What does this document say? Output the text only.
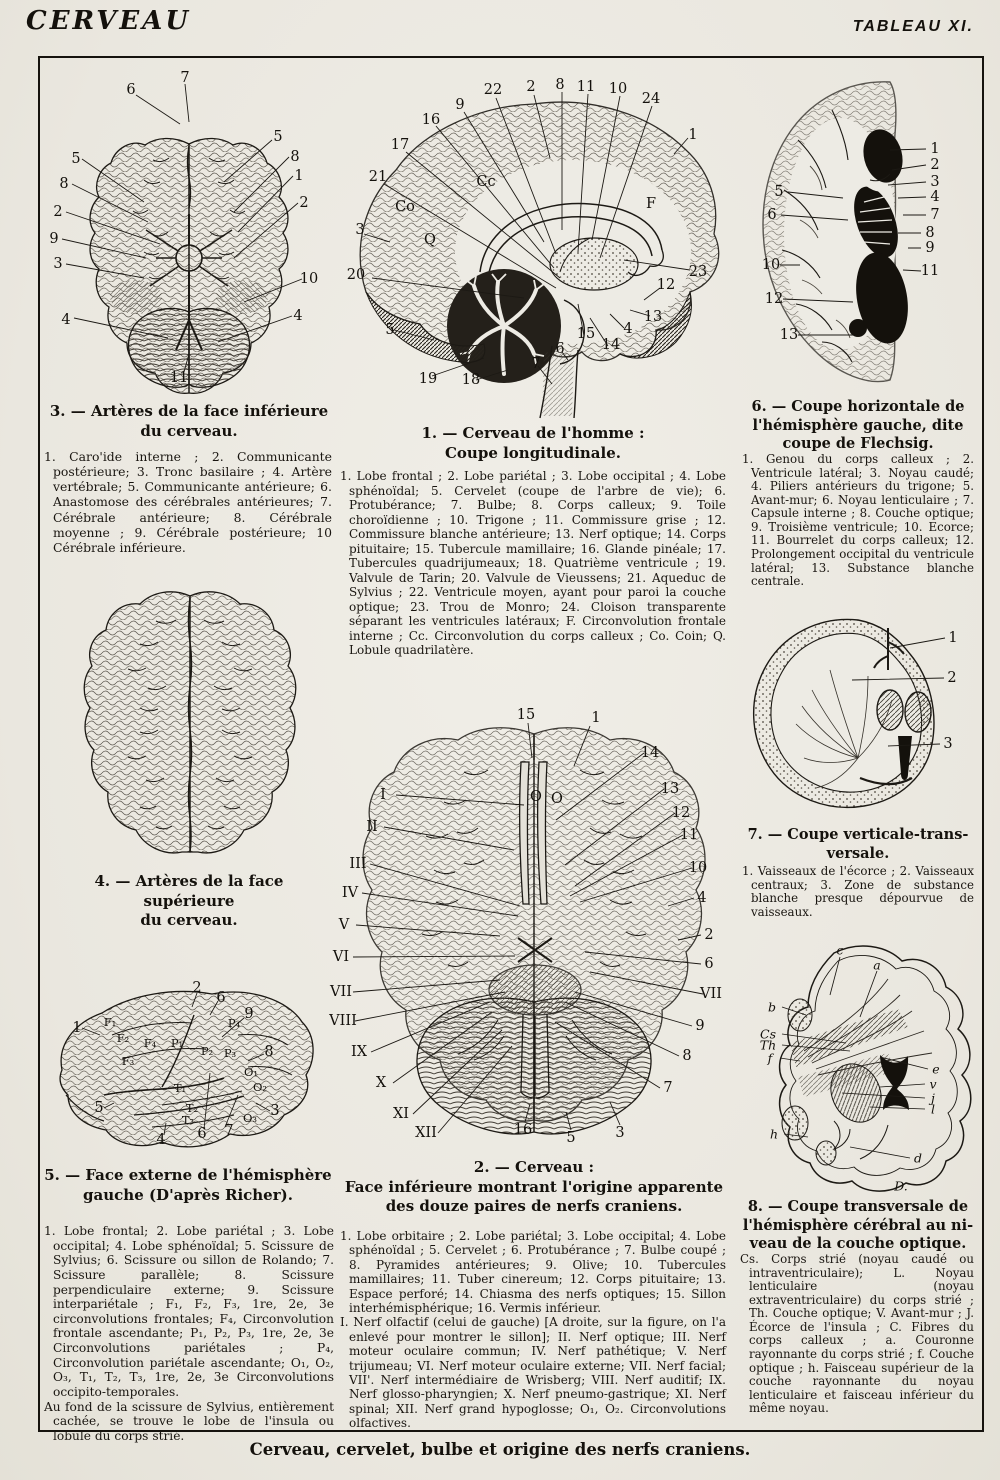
CERVEAU	TABLEAU XI.
6
7
5
8
2
9
3
4
5
8
1
2
10
4
11
3. — Artères de la face inférieure
du cerveau.
1. Caro'ide interne ; 2. Communicante postérieure; 3. Tronc basilaire ; 4. Artère vertébrale; 5. Communicante antérieure; 6. Anastomose des cérébrales antérieures; 7. Cérébrale antérieure; 8. Cérébrale moyenne ; 9. Cérébrale postérieure; 10 Cérébrale inférieure.
22 2 8 11 10
24
9
16
17
21
3
20
5
19 18
1
23
12
13
4
14
15
7
6
Cc
Co
Q
F
1. — Cerveau de l'homme :
Coupe longitudinale.
1. Lobe frontal ; 2. Lobe pariétal ; 3. Lobe occipital ; 4. Lobe sphénoïdal; 5. Cervelet (coupe de l'arbre de vie); 6. Protubérance; 7. Bulbe; 8. Corps calleux; 9. Toile choroïdienne ; 10. Trigone ; 11. Commissure grise ; 12. Commissure blanche antérieure; 13. Nerf optique; 14. Corps pituitaire; 15. Tubercule mamillaire; 16. Glande pinéale; 17. Tubercules quadrijumeaux; 18. Quatrième ventricule ; 19. Valvule de Tarin; 20. Valvule de Vieussens; 21. Aqueduc de Sylvius ; 22. Ventricule moyen, ayant pour paroi la couche optique; 23. Trou de Monro; 24. Cloison transparente séparant les ventricules latéraux; F. Circonvolution frontale interne ; Cc. Circonvolution du corps calleux ; Co. Coin; Q. Lobule quadrilatère.
1
2
3
4
7
8
9
11
5
6
10
12
13
6. — Coupe horizontale de
l'hémisphère gauche, dite
coupe de Flechsig.
1. Genou du corps calleux ; 2. Ventricule latéral; 3. Noyau caudé; 4. Piliers antérieurs du trigone; 5. Avant-mur; 6. Noyau lenticulaire ; 7. Capsule interne ; 8. Couche optique; 9. Troisième ventricule; 10. Ecorce; 11. Bourrelet du corps calleux; 12. Prolongement occipital du ventricule latéral; 13. Substance blanche centrale.
4. — Artères de la face supérieure
du cerveau.
1
2
3
7. — Coupe verticale-trans-
versale.
1. Vaisseaux de l'écorce ; 2. Vaisseaux centraux; 3. Zone de substance blanche presque dépourvue de vaisseaux.
1
2
6
9
8
3
4
5
6 7
F₁
F₂
F₃
F₄ P₁
P₂ P₃
P₄
T₁
T₂
T₃
O₁
O₂
O₃
5. — Face externe de l'hémisphère
gauche (D'après Richer).
1. Lobe frontal; 2. Lobe pariétal ; 3. Lobe occipital; 4. Lobe sphénoïdal; 5. Scissure de Sylvius; 6. Scissure ou sillon de Rolando; 7. Scissure parallèle; 8. Scissure perpendiculaire externe; 9. Scissure interpariétale ; F₁, F₂, F₃, 1re, 2e, 3e circonvolutions frontales; F₄, Circonvolution frontale ascendante; P₁, P₂, P₃, 1re, 2e, 3e Circonvolutions pariétales ; P₄, Circonvolution pariétale ascendante; O₁, O₂, O₃, T₁, T₂, T₃, 1re, 2e, 3e Circonvolutions occipito-temporales.
Au fond de la scissure de Sylvius, entièrement cachée, se trouve le lobe de l'insula ou lobule du corps strié.
I
II
III
IV
V
VI
VII
VIII
IX
X
XI
XII
15	1
14
13
12
11
10
4
2
6
VII
9
8
7
3
5
16
O O
2. — Cerveau :
Face inférieure montrant l'origine apparente
des douze paires de nerfs craniens.
1. Lobe orbitaire ; 2. Lobe pariétal; 3. Lobe occipital; 4. Lobe sphénoïdal ; 5. Cervelet ; 6. Protubérance ; 7. Bulbe coupé ; 8. Pyramides antérieures; 9. Olive; 10. Tubercules mamillaires; 11. Tuber cinereum; 12. Corps pituitaire; 13. Espace perforé; 14. Chiasma des nerfs optiques; 15. Sillon interhémisphérique; 16. Vermis inférieur.
I. Nerf olfactif (celui de gauche) [A droite, sur la figure, on l'a enlevé pour montrer le sillon]; II. Nerf optique; III. Nerf moteur oculaire commun; IV. Nerf pathétique; V. Nerf trijumeau; VI. Nerf moteur oculaire externe; VII. Nerf facial; VII'. Nerf intermédiaire de Wrisberg; VIII. Nerf auditif; IX. Nerf glosso-pharyngien; X. Nerf pneumo-gastrique; XI. Nerf spinal; XII. Nerf grand hypoglosse; O₁, O₂. Circonvolutions olfactives.
c
a
b
Cs
Th
f
e
v
j
l
h
d
D.
8. — Coupe transversale de
l'hémisphère cérébral au ni-
veau de la couche optique.
Cs. Corps strié (noyau caudé ou intraventriculaire); L. Noyau lenticulaire (noyau extraventriculaire) du corps strié ; Th. Couche optique; V. Avant-mur ; J. Écorce de l'insula ; C. Fibres du corps calleux ; a. Couronne rayonnante du corps strié ; f. Couche optique ; h. Faisceau supérieur de la couche rayonnante du noyau lenticulaire et faisceau inférieur du même noyau.
Cerveau, cervelet, bulbe et origine des nerfs craniens.
